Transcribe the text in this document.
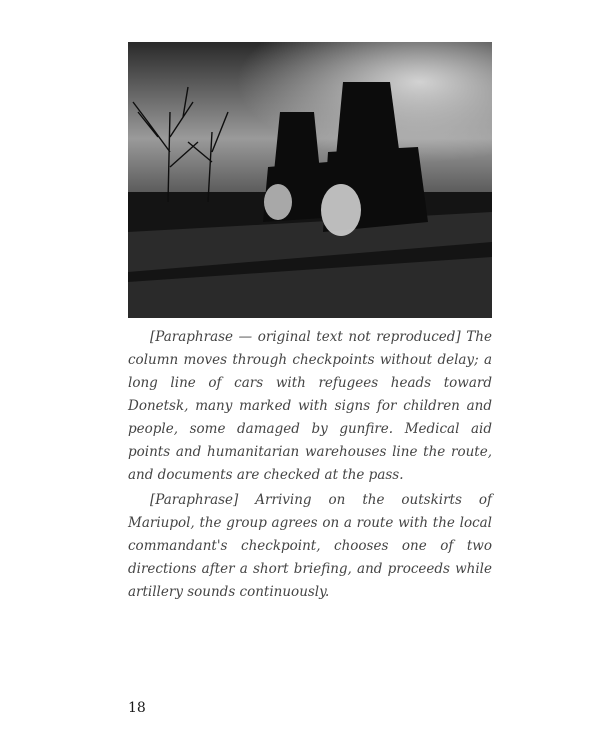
[Paraphrase — original text not reproduced] The column moves through checkpoints without delay; a long line of cars with refugees heads toward Donetsk, many marked with signs for children and people, some damaged by gunfire. Medical aid points and humanitarian warehouses line the route, and documents are checked at the pass.

[Paraphrase] Arriving on the outskirts of Mariupol, the group agrees on a route with the local commandant's checkpoint, chooses one of two directions after a short briefing, and proceeds while artillery sounds continuously.

18
